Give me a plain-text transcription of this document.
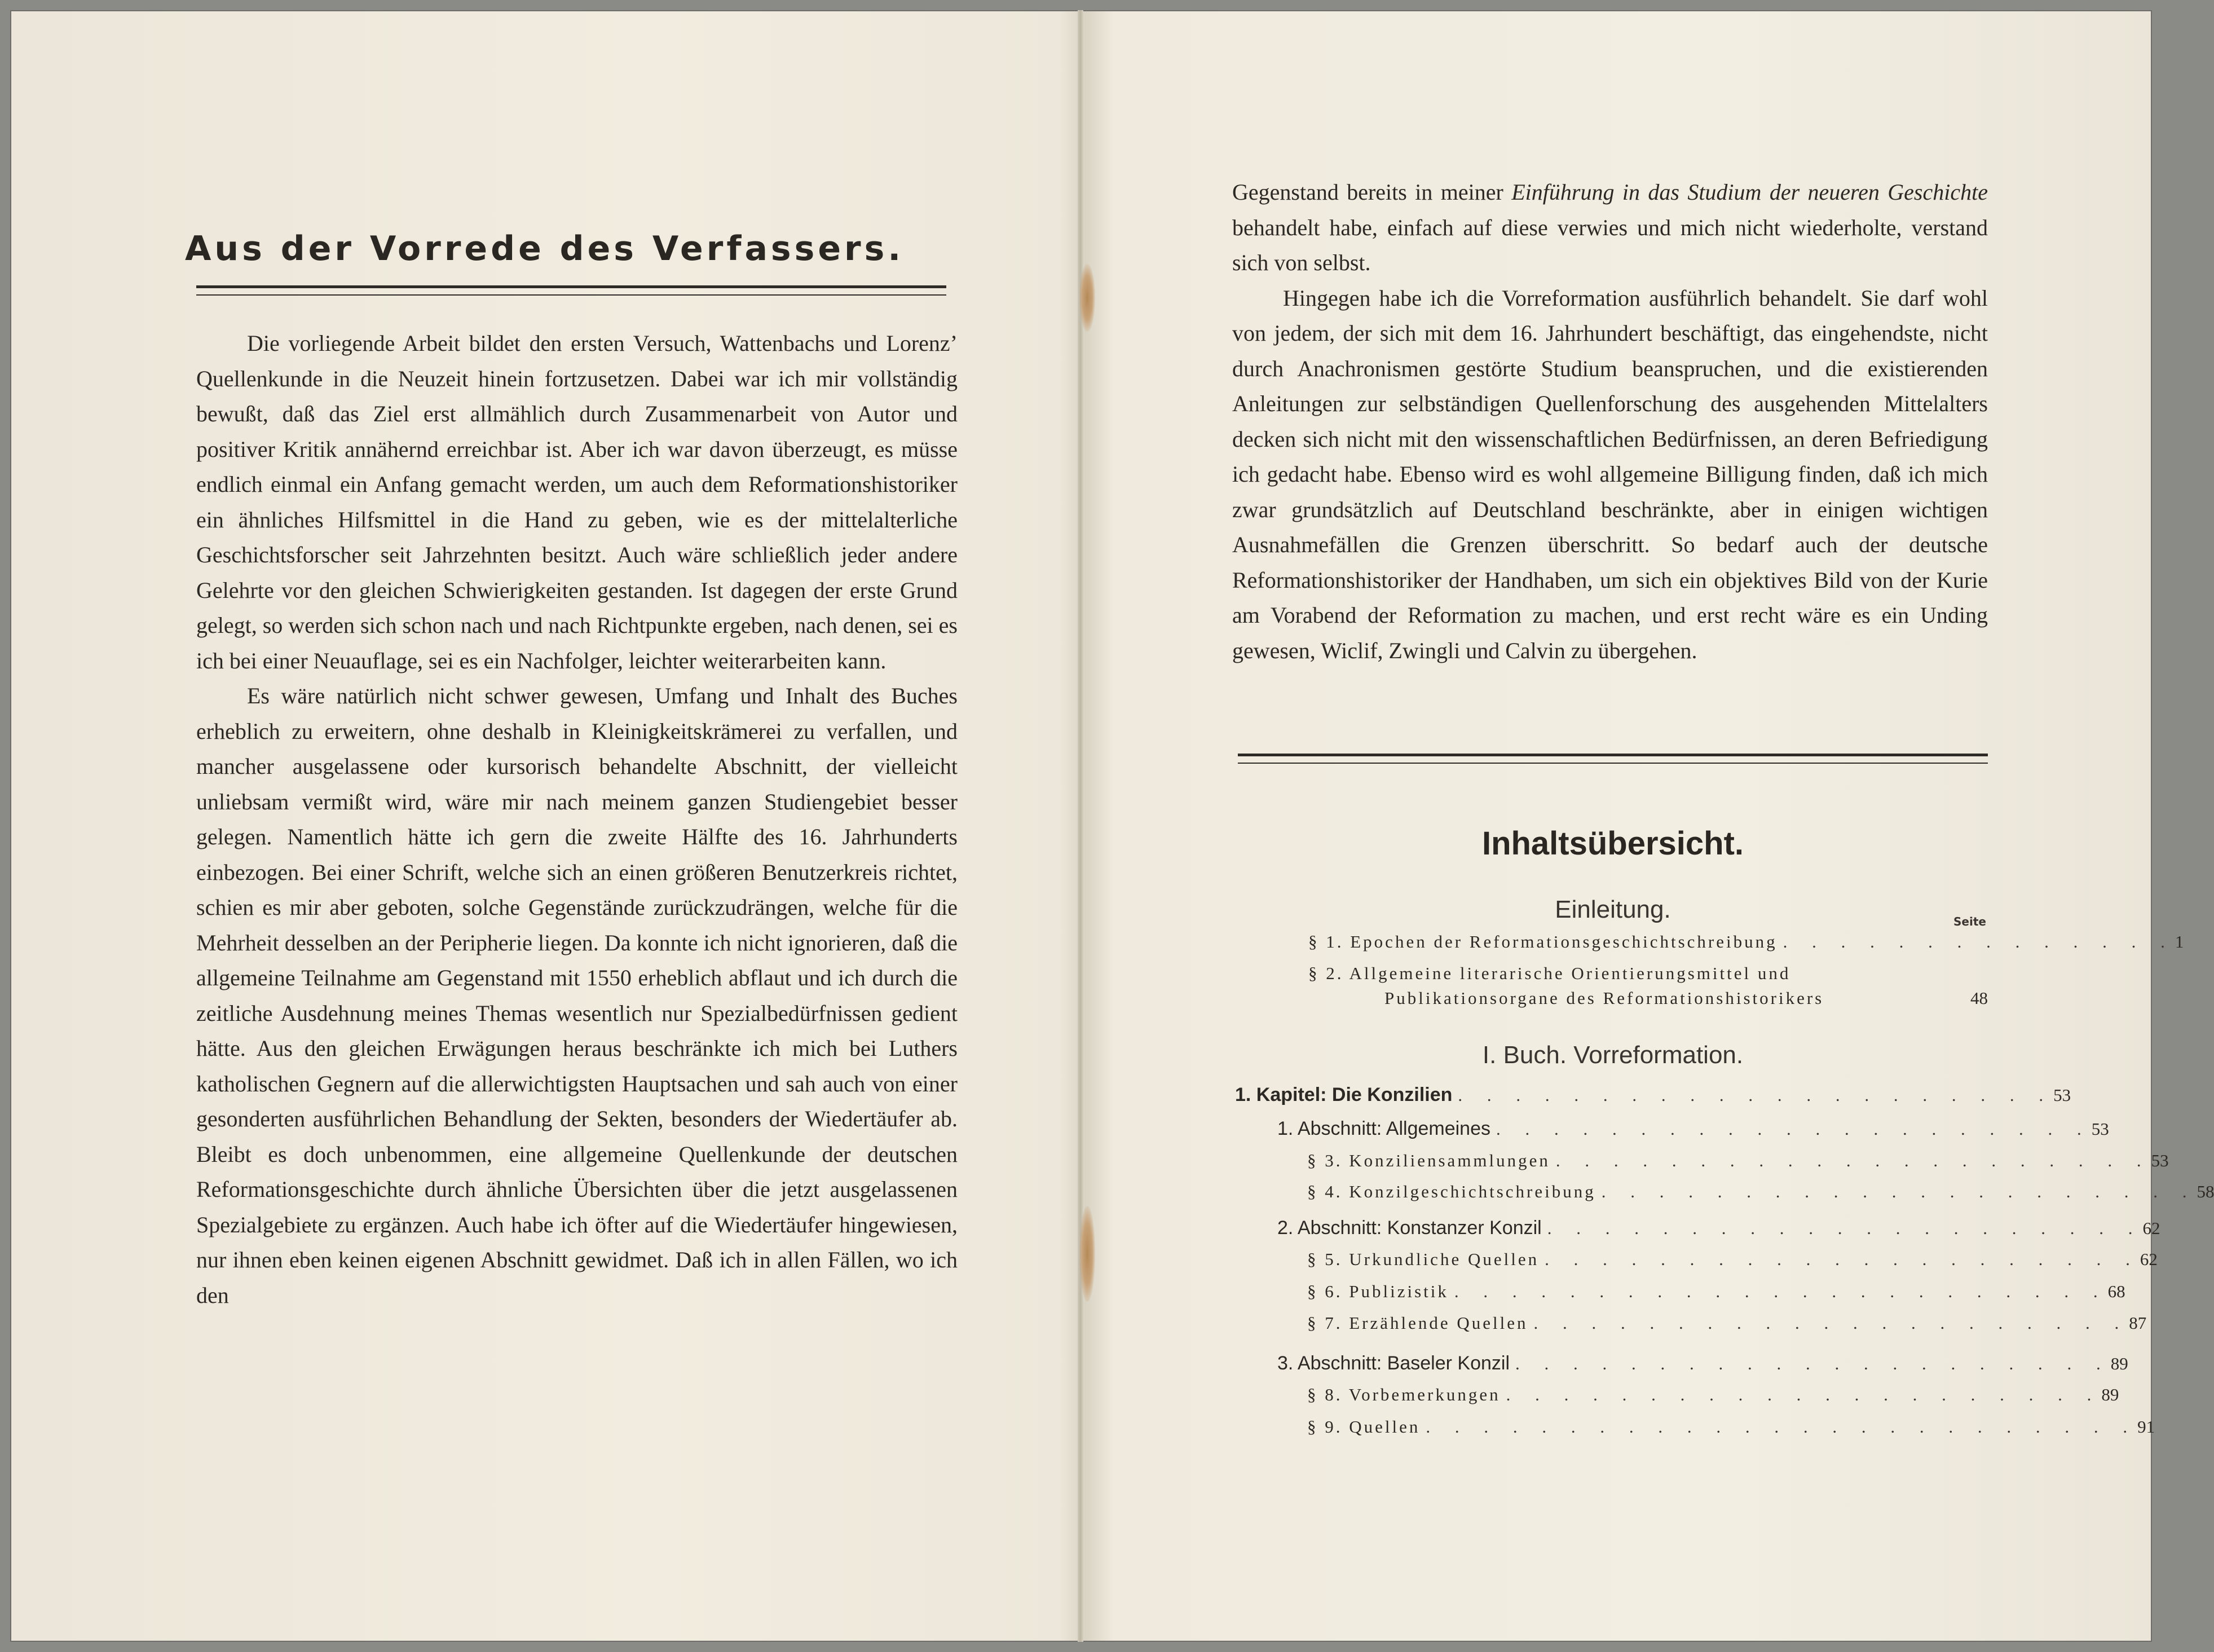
Aus der Vorrede des Verfassers.

Die vorliegende Arbeit bildet den ersten Versuch, Wattenbachs und Lorenz’ Quellenkunde in die Neuzeit hinein fortzusetzen. Dabei war ich mir vollständig bewußt, daß das Ziel erst allmählich durch Zusammenarbeit von Autor und positiver Kritik annähernd erreichbar ist. Aber ich war davon überzeugt, es müsse endlich einmal ein Anfang gemacht werden, um auch dem Reformationshistoriker ein ähnliches Hilfsmittel in die Hand zu geben, wie es der mittelalterliche Geschichtsforscher seit Jahrzehnten besitzt. Auch wäre schließlich jeder andere Gelehrte vor den gleichen Schwierigkeiten gestanden. Ist dagegen der erste Grund gelegt, so werden sich schon nach und nach Richtpunkte ergeben, nach denen, sei es ich bei einer Neuauflage, sei es ein Nachfolger, leichter weiterarbeiten kann.

Es wäre natürlich nicht schwer gewesen, Umfang und Inhalt des Buches erheblich zu erweitern, ohne deshalb in Kleinigkeitskrämerei zu verfallen, und mancher ausgelassene oder kursorisch behandelte Abschnitt, der vielleicht unliebsam vermißt wird, wäre mir nach meinem ganzen Studiengebiet besser gelegen. Namentlich hätte ich gern die zweite Hälfte des 16. Jahrhunderts einbezogen. Bei einer Schrift, welche sich an einen größeren Benutzerkreis richtet, schien es mir aber geboten, solche Gegenstände zurückzudrängen, welche für die Mehrheit desselben an der Peripherie liegen. Da konnte ich nicht ignorieren, daß die allgemeine Teilnahme am Gegenstand mit 1550 erheblich abflaut und ich durch die zeitliche Ausdehnung meines Themas wesentlich nur Spezialbedürfnissen gedient hätte. Aus den gleichen Erwägungen heraus beschränkte ich mich bei Luthers katholischen Gegnern auf die allerwichtigsten Hauptsachen und sah auch von einer gesonderten ausführlichen Behandlung der Sekten, besonders der Wiedertäufer ab. Bleibt es doch unbenommen, eine allgemeine Quellenkunde der deutschen Reformationsgeschichte durch ähnliche Übersichten über die jetzt ausgelassenen Spezialgebiete zu ergänzen. Auch habe ich öfter auf die Wiedertäufer hingewiesen, nur ihnen eben keinen eigenen Abschnitt gewidmet. Daß ich in allen Fällen, wo ich den

Gegenstand bereits in meiner Einführung in das Studium der neueren Geschichte behandelt habe, einfach auf diese verwies und mich nicht wiederholte, verstand sich von selbst.

Hingegen habe ich die Vorreformation ausführlich behandelt. Sie darf wohl von jedem, der sich mit dem 16. Jahrhundert beschäftigt, das eingehendste, nicht durch Anachronismen gestörte Studium beanspruchen, und die existierenden Anleitungen zur selbständigen Quellenforschung des ausgehenden Mittelalters decken sich nicht mit den wissenschaftlichen Bedürfnissen, an deren Befriedigung ich gedacht habe. Ebenso wird es wohl allgemeine Billigung finden, daß ich mich zwar grundsätzlich auf Deutschland beschränkte, aber in einigen wichtigen Ausnahmefällen die Grenzen überschritt. So bedarf auch der deutsche Reformationshistoriker der Handhaben, um sich ein objektives Bild von der Kurie am Vorabend der Reformation zu machen, und erst recht wäre es ein Unding gewesen, Wiclif, Zwingli und Calvin zu übergehen.

Inhaltsübersicht.
Einleitung.	Seite
§ 1. Epochen der Reformationsgeschichtschreibung . . . . . . . . . . . . . . 1
§ 2. Allgemeine literarische Orientierungsmittel und
Publikationsorgane des Reformationshistorikers	48
I. Buch. Vorreformation.
1. Kapitel: Die Konzilien . . . . . . . . . . . . . . . . . . . . . 53
1. Abschnitt: Allgemeines . . . . . . . . . . . . . . . . . . . . . 53
§ 3. Konziliensammlungen . . . . . . . . . . . . . . . . . . . . . 53
§ 4. Konzilgeschichtschreibung . . . . . . . . . . . . . . . . . . . . . 58
2. Abschnitt: Konstanzer Konzil . . . . . . . . . . . . . . . . . . . . . 62
§ 5. Urkundliche Quellen . . . . . . . . . . . . . . . . . . . . . 62
§ 6. Publizistik . . . . . . . . . . . . . . . . . . . . . . . 68
§ 7. Erzählende Quellen . . . . . . . . . . . . . . . . . . . . . 87
3. Abschnitt: Baseler Konzil . . . . . . . . . . . . . . . . . . . . . 89
§ 8. Vorbemerkungen . . . . . . . . . . . . . . . . . . . . . 89
§ 9. Quellen . . . . . . . . . . . . . . . . . . . . . . . . . 91
